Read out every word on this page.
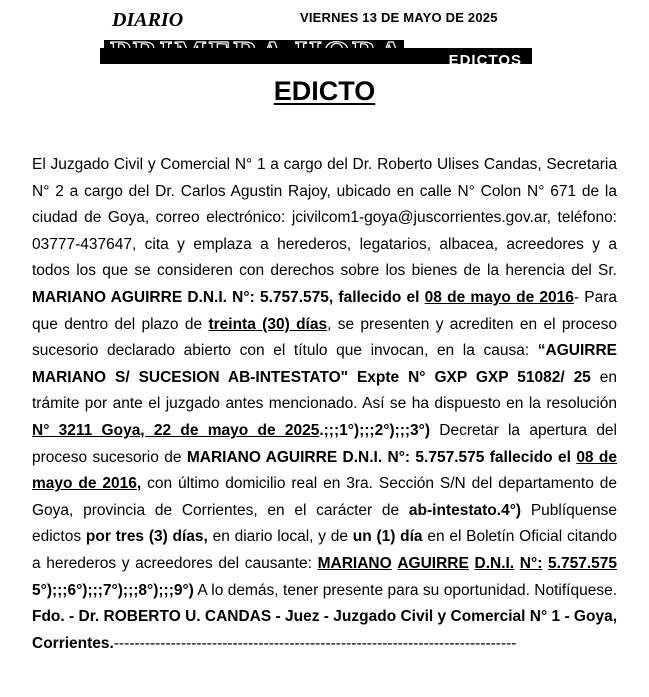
DIARIO	VIERNES 13 DE MAYO DE 2025
EDICTOS
EDICTO
El Juzgado Civil y Comercial N° 1 a cargo del Dr. Roberto Ulises Candas, Secretaria N° 2 a cargo del Dr. Carlos Agustin Rajoy, ubicado en calle N° Colon N° 671 de la ciudad de Goya, correo electrónico: jcivilcom1-goya@juscorrientes.gov.ar, teléfono: 03777-437647, cita y emplaza a herederos, legatarios, albacea, acreedores y a todos los que se consideren con derechos sobre los bienes de la herencia del Sr. MARIANO AGUIRRE D.N.I. N°: 5.757.575, fallecido el 08 de mayo de 2016- Para que dentro del plazo de treinta (30) días, se presenten y acrediten en el proceso sucesorio declarado abierto con el título que invocan, en la causa: “AGUIRRE MARIANO S/ SUCESION AB-INTESTATO" Expte N° GXP GXP 51082/ 25 en trámite por ante el juzgado antes mencionado. Así se ha dispuesto en la resolución N° 3211 Goya, 22 de mayo de 2025.;;;1°);;;2°);;;3°) Decretar la apertura del proceso sucesorio de MARIANO AGUIRRE D.N.I. N°: 5.757.575 fallecido el 08 de mayo de 2016, con último domicilio real en 3ra. Sección S/N del departamento de Goya, provincia de Corrientes, en el carácter de ab-intestato.4°) Publíquense edictos por tres (3) días, en diario local, y de un (1) día en el Boletín Oficial citando a herederos y acreedores del causante: MARIANO AGUIRRE D.N.I. N°: 5.757.575 5°);;;6°);;;7°);;;8°);;;9°) A lo demás, tener presente para su oportunidad. Notifíquese. Fdo. - Dr. ROBERTO U. CANDAS - Juez - Juzgado Civil y Comercial N° 1 - Goya, Corrientes.------------------------------------------------------------------------------
